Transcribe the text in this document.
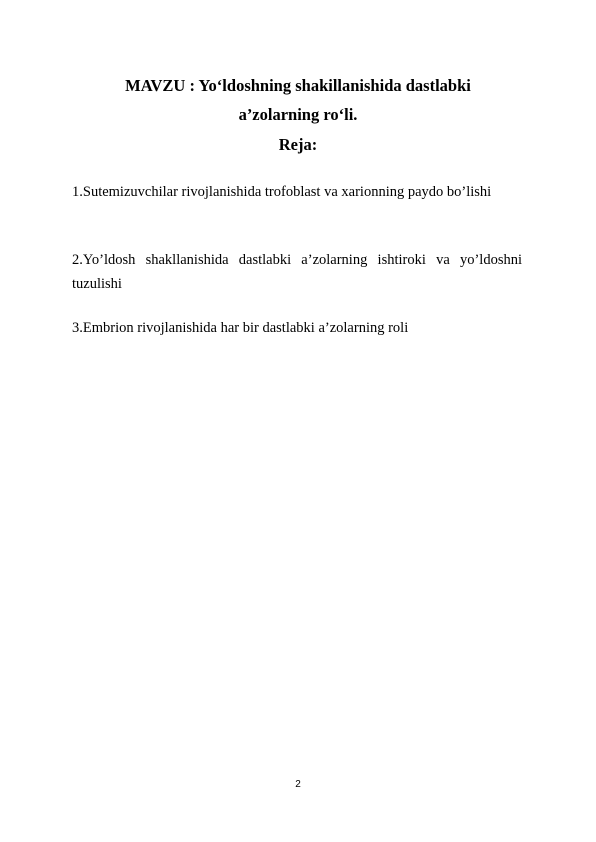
MAVZU : Yo‘ldoshning shakillanishida dastlabki
a’zolarning ro‘li.
Reja:
1.Sutemizuvchilar rivojlanishida trofoblast va xarionning paydo bo’lishi
2.Yo’ldosh shakllanishida dastlabki a’zolarning ishtiroki va yo’ldoshni tuzulishi
3.Embrion rivojlanishida har bir dastlabki a’zolarning roli
2
